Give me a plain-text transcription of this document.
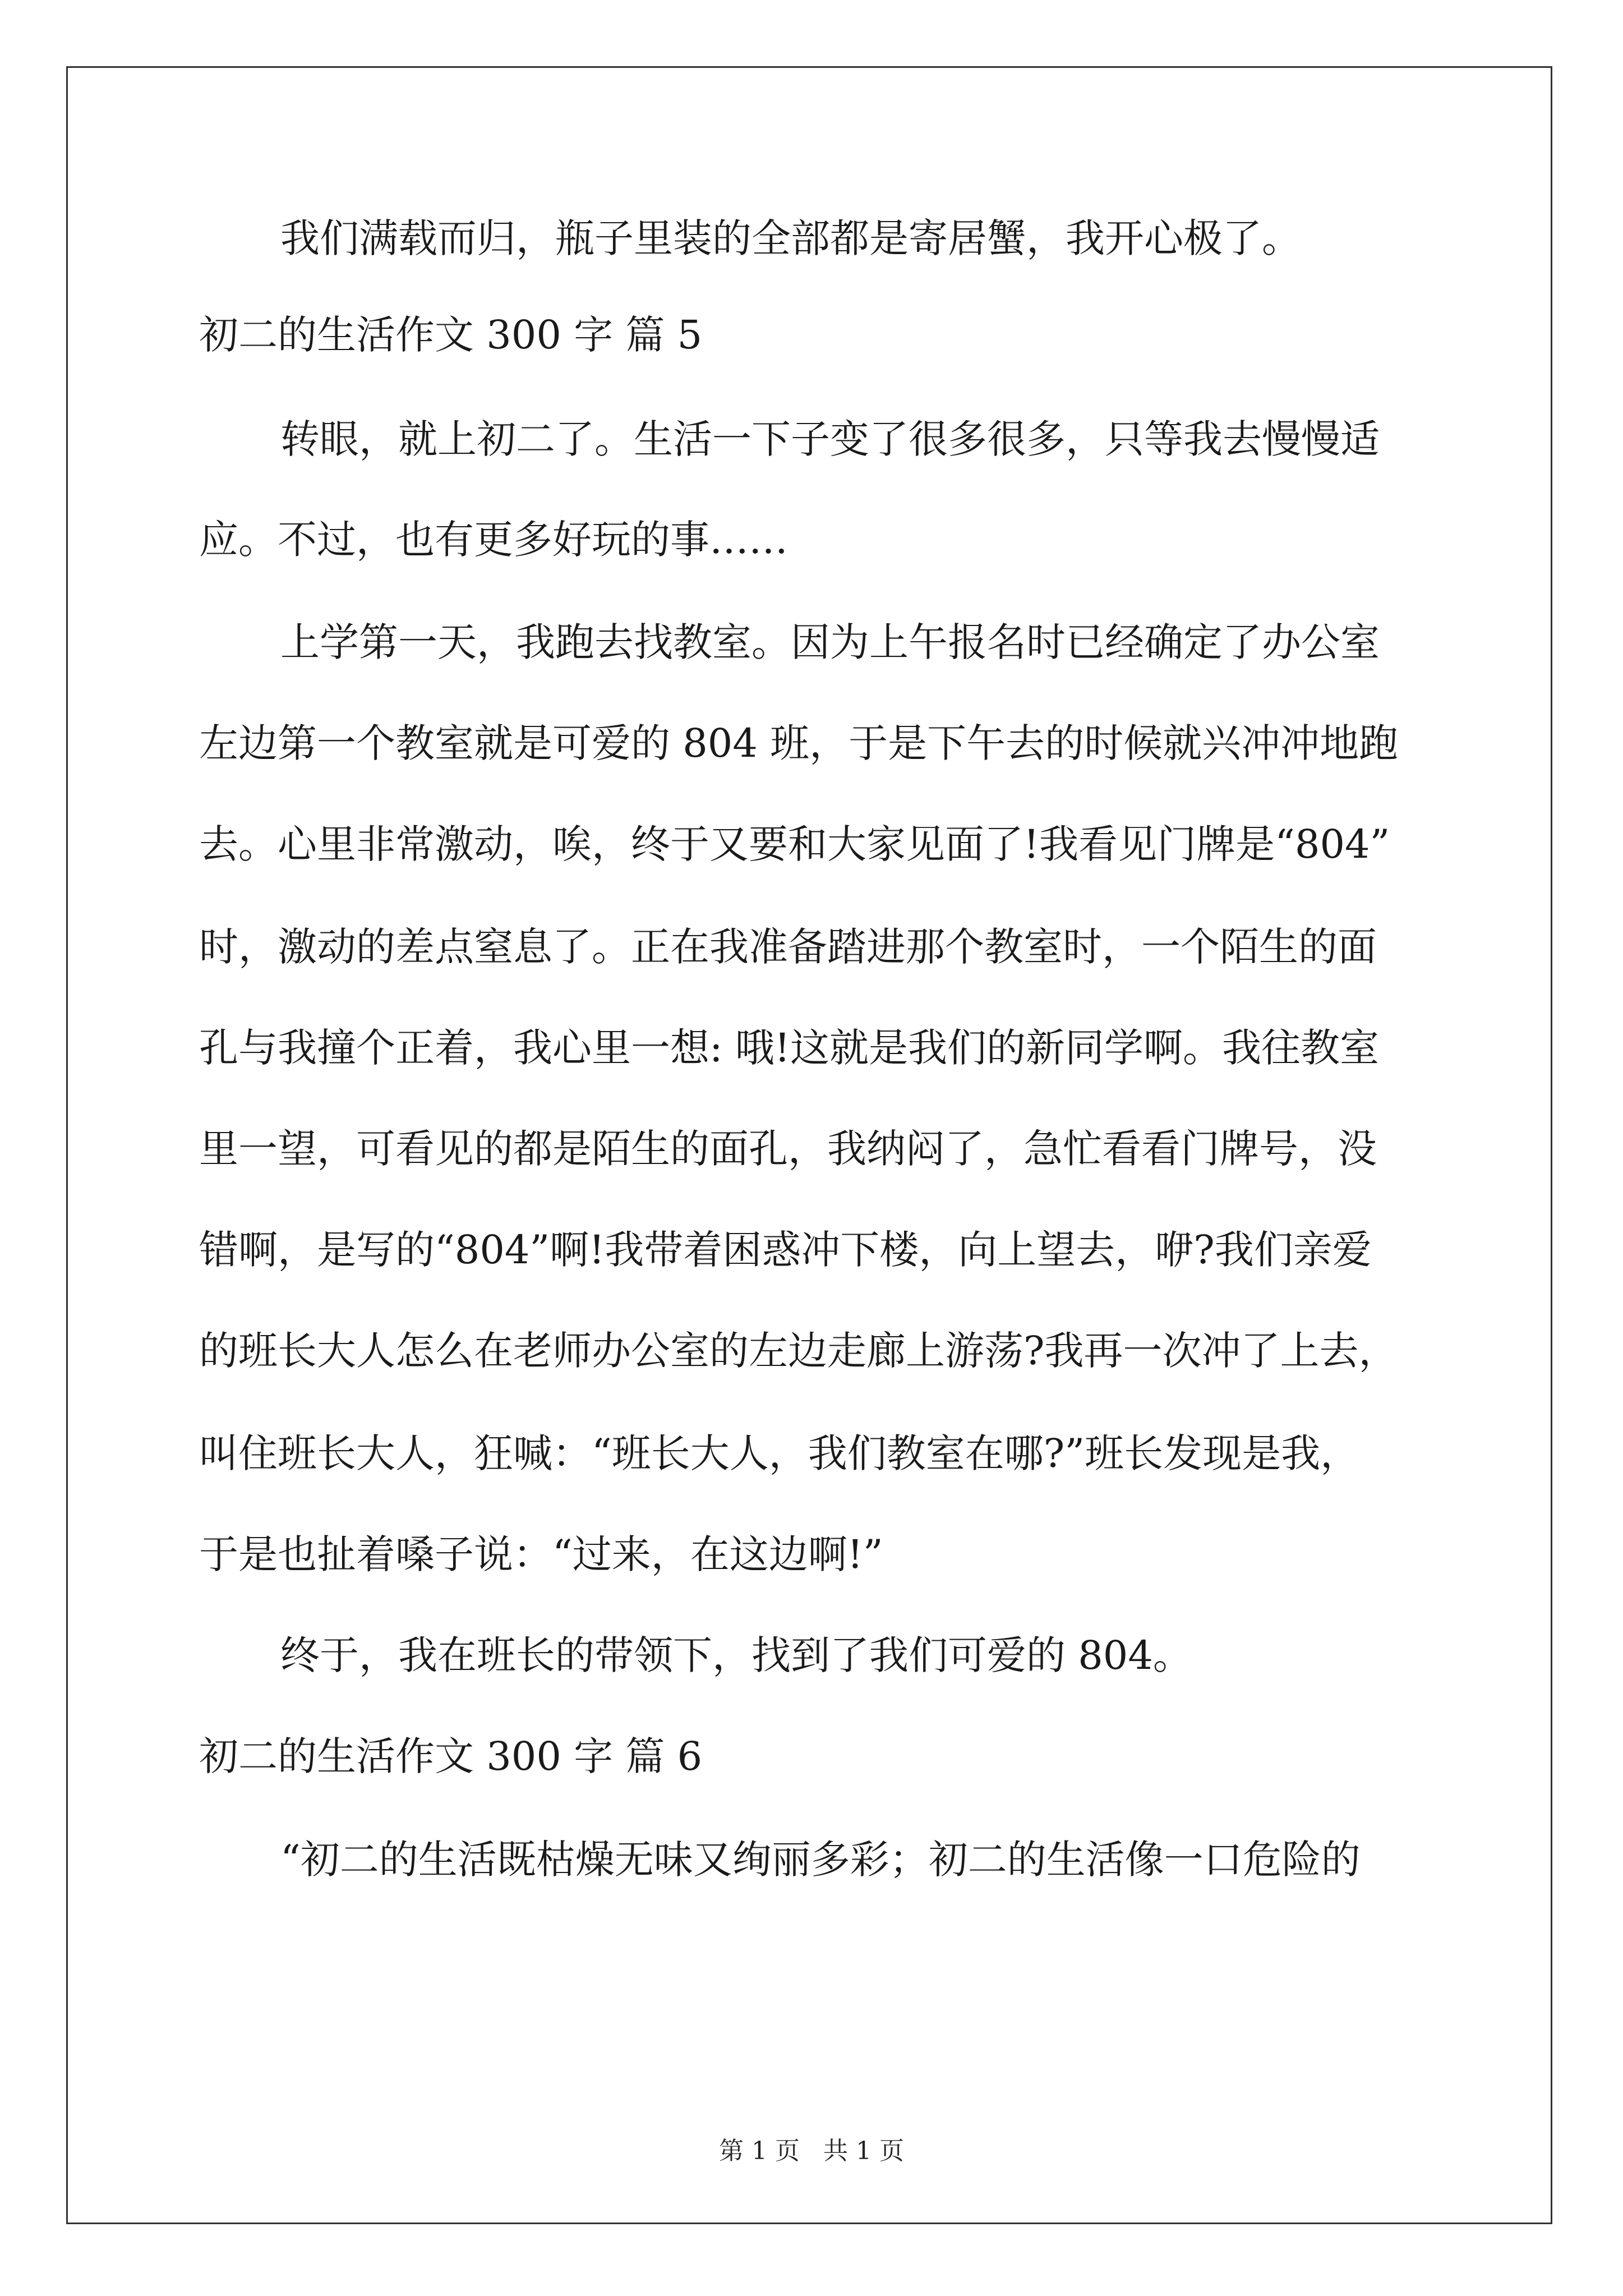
我们满载而归，瓶子里装的全部都是寄居蟹，我开心极了。
初二的生活作文 300 字 篇 5
转眼，就上初二了。生活一下子变了很多很多，只等我去慢慢适
应。不过，也有更多好玩的事……
上学第一天，我跑去找教室。因为上午报名时已经确定了办公室
左边第一个教室就是可爱的 804 班，于是下午去的时候就兴冲冲地跑
去。心里非常激动，唉，终于又要和大家见面了!我看见门牌是“804”
时，激动的差点窒息了。正在我准备踏进那个教室时，一个陌生的面
孔与我撞个正着，我心里一想: 哦!这就是我们的新同学啊。我往教室
里一望，可看见的都是陌生的面孔，我纳闷了，急忙看看门牌号，没
错啊，是写的“804”啊!我带着困惑冲下楼，向上望去，咿?我们亲爱
的班长大人怎么在老师办公室的左边走廊上游荡?我再一次冲了上去，
叫住班长大人，狂喊：“班长大人，我们教室在哪?”班长发现是我，
于是也扯着嗓子说：“过来，在这边啊!”
终于，我在班长的带领下，找到了我们可爱的 804。
初二的生活作文 300 字 篇 6
“初二的生活既枯燥无味又绚丽多彩；初二的生活像一口危险的
第 1 页 共 1 页
